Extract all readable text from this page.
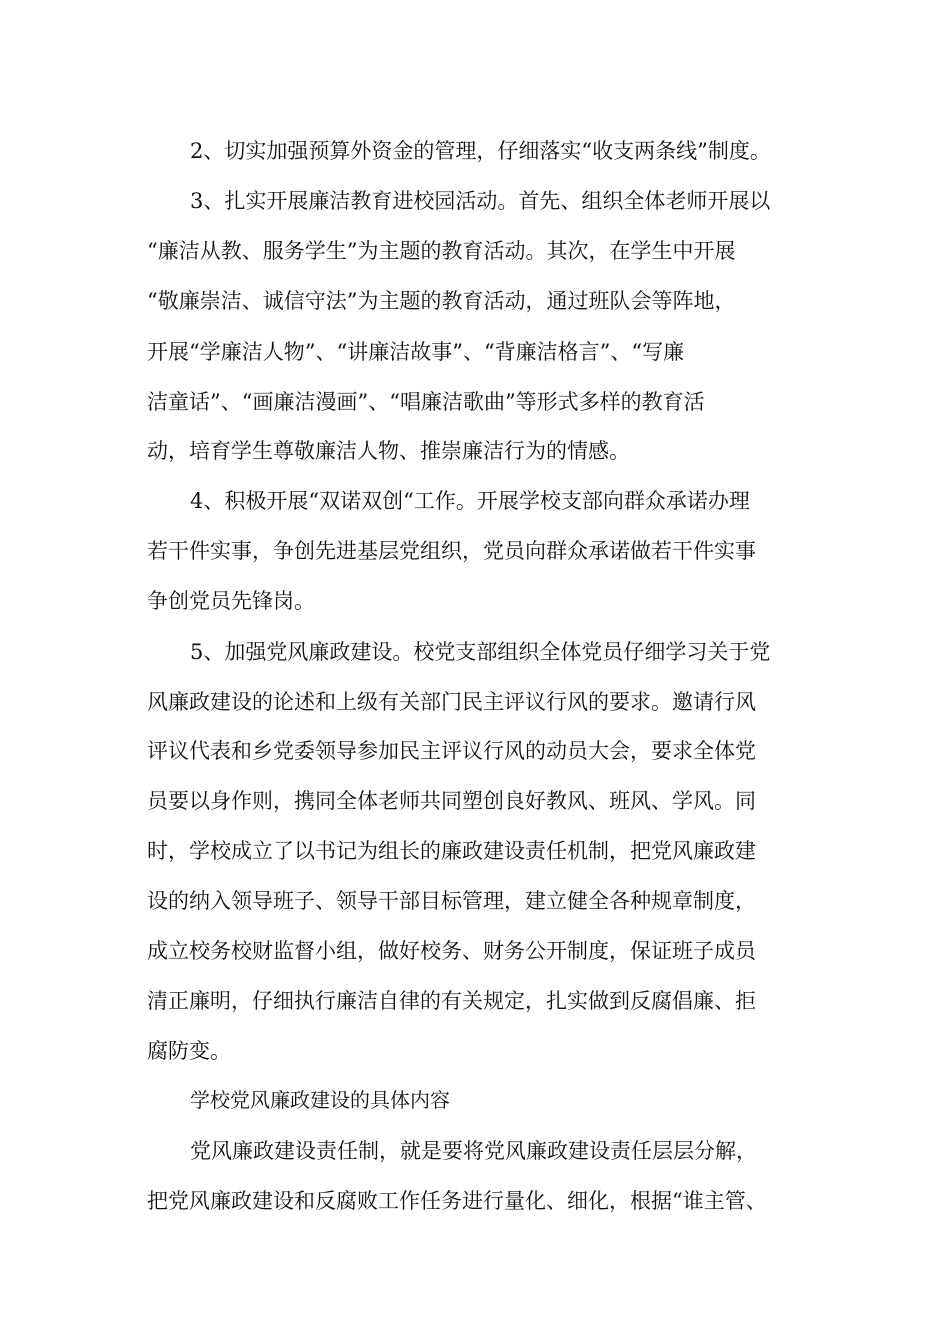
2、切实加强预算外资金的管理，仔细落实“收支两条线”制度。
3、扎实开展廉洁教育进校园活动。首先、组织全体老师开展以
“廉洁从教、服务学生”为主题的教育活动。其次，在学生中开展
“敬廉崇洁、诚信守法”为主题的教育活动，通过班队会等阵地，
开展“学廉洁人物”、“讲廉洁故事”、“背廉洁格言”、“写廉
洁童话”、“画廉洁漫画”、“唱廉洁歌曲”等形式多样的教育活
动，培育学生尊敬廉洁人物、推崇廉洁行为的情感。
4、积极开展“双诺双创“工作。开展学校支部向群众承诺办理
若干件实事，争创先进基层党组织，党员向群众承诺做若干件实事
争创党员先锋岗。
5、加强党风廉政建设。校党支部组织全体党员仔细学习关于党
风廉政建设的论述和上级有关部门民主评议行风的要求。邀请行风
评议代表和乡党委领导参加民主评议行风的动员大会，要求全体党
员要以身作则，携同全体老师共同塑创良好教风、班风、学风。同
时，学校成立了以书记为组长的廉政建设责任机制，把党风廉政建
设的纳入领导班子、领导干部目标管理，建立健全各种规章制度，
成立校务校财监督小组，做好校务、财务公开制度，保证班子成员
清正廉明，仔细执行廉洁自律的有关规定，扎实做到反腐倡廉、拒
腐防变。
学校党风廉政建设的具体内容
党风廉政建设责任制，就是要将党风廉政建设责任层层分解，
把党风廉政建设和反腐败工作任务进行量化、细化，根据“谁主管、
